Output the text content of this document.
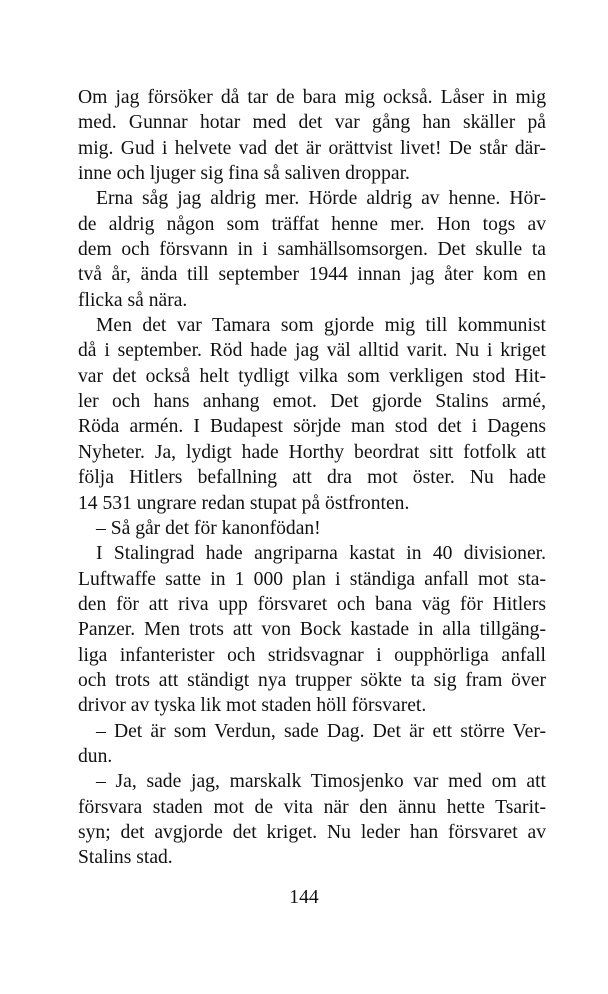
Om jag försöker då tar de bara mig också. Låser in mig
med. Gunnar hotar med det var gång han skäller på
mig. Gud i helvete vad det är orättvist livet! De står där-
inne och ljuger sig fina så saliven droppar.
Erna såg jag aldrig mer. Hörde aldrig av henne. Hör-
de aldrig någon som träffat henne mer. Hon togs av
dem och försvann in i samhällsomsorgen. Det skulle ta
två år, ända till september 1944 innan jag åter kom en
flicka så nära.
Men det var Tamara som gjorde mig till kommunist
då i september. Röd hade jag väl alltid varit. Nu i kriget
var det också helt tydligt vilka som verkligen stod Hit-
ler och hans anhang emot. Det gjorde Stalins armé,
Röda armén. I Budapest sörjde man stod det i Dagens
Nyheter. Ja, lydigt hade Horthy beordrat sitt fotfolk att
följa Hitlers befallning att dra mot öster. Nu hade
14 531 ungrare redan stupat på östfronten.
– Så går det för kanonfödan!
I Stalingrad hade angriparna kastat in 40 divisioner.
Luftwaffe satte in 1 000 plan i ständiga anfall mot sta-
den för att riva upp försvaret och bana väg för Hitlers
Panzer. Men trots att von Bock kastade in alla tillgäng-
liga infanterister och stridsvagnar i oupphörliga anfall
och trots att ständigt nya trupper sökte ta sig fram över
drivor av tyska lik mot staden höll försvaret.
– Det är som Verdun, sade Dag. Det är ett större Ver-
dun.
– Ja, sade jag, marskalk Timosjenko var med om att
försvara staden mot de vita när den ännu hette Tsarit-
syn; det avgjorde det kriget. Nu leder han försvaret av
Stalins stad.
144
